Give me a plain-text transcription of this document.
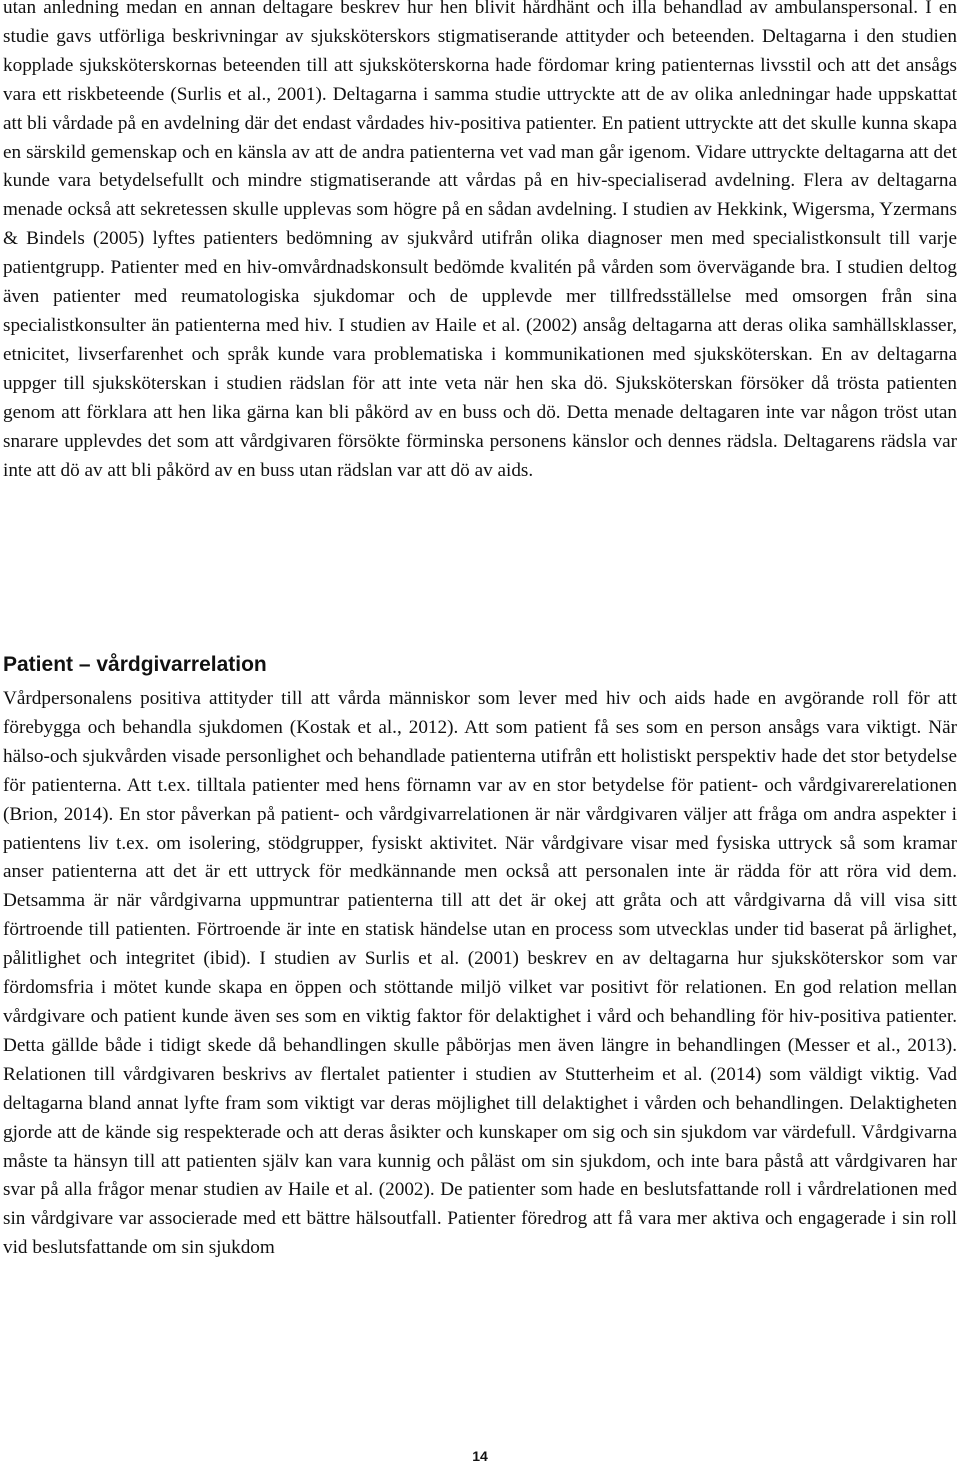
utan anledning medan en annan deltagare beskrev hur hen blivit hårdhänt och illa behandlad av ambulanspersonal. I en studie gavs utförliga beskrivningar av sjuksköterskors stigmatiserande attityder och beteenden. Deltagarna i den studien kopplade sjuksköterskornas beteenden till att sjuksköterskorna hade fördomar kring patienternas livsstil och att det ansågs vara ett riskbeteende (Surlis et al., 2001). Deltagarna i samma studie uttryckte att de av olika anledningar hade uppskattat att bli vårdade på en avdelning där det endast vårdades hiv-positiva patienter. En patient uttryckte att det skulle kunna skapa en särskild gemenskap och en känsla av att de andra patienterna vet vad man går igenom. Vidare uttryckte deltagarna att det kunde vara betydelsefullt och mindre stigmatiserande att vårdas på en hiv-specialiserad avdelning. Flera av deltagarna menade också att sekretessen skulle upplevas som högre på en sådan avdelning. I studien av Hekkink, Wigersma, Yzermans & Bindels (2005) lyftes patienters bedömning av sjukvård utifrån olika diagnoser men med specialistkonsult till varje patientgrupp. Patienter med en hiv-omvårdnadskonsult bedömde kvalitén på vården som övervägande bra. I studien deltog även patienter med reumatologiska sjukdomar och de upplevde mer tillfredsställelse med omsorgen från sina specialistkonsulter än patienterna med hiv. I studien av Haile et al. (2002) ansåg deltagarna att deras olika samhällsklasser, etnicitet, livserfarenhet och språk kunde vara problematiska i kommunikationen med sjuksköterskan. En av deltagarna uppger till sjuksköterskan i studien rädslan för att inte veta när hen ska dö. Sjuksköterskan försöker då trösta patienten genom att förklara att hen lika gärna kan bli påkörd av en buss och dö. Detta menade deltagaren inte var någon tröst utan snarare upplevdes det som att vårdgivaren försökte förminska personens känslor och dennes rädsla. Deltagarens rädsla var inte att dö av att bli påkörd av en buss utan rädslan var att dö av aids.

Patient – vårdgivarrelation

Vårdpersonalens positiva attityder till att vårda människor som lever med hiv och aids hade en avgörande roll för att förebygga och behandla sjukdomen (Kostak et al., 2012). Att som patient få ses som en person ansågs vara viktigt. När hälso-och sjukvården visade personlighet och behandlade patienterna utifrån ett holistiskt perspektiv hade det stor betydelse för patienterna. Att t.ex. tilltala patienter med hens förnamn var av en stor betydelse för patient- och vårdgivarerelationen (Brion, 2014). En stor påverkan på patient- och vårdgivarrelationen är när vårdgivaren väljer att fråga om andra aspekter i patientens liv t.ex. om isolering, stödgrupper, fysiskt aktivitet. När vårdgivare visar med fysiska uttryck så som kramar anser patienterna att det är ett uttryck för medkännande men också att personalen inte är rädda för att röra vid dem. Detsamma är när vårdgivarna uppmuntrar patienterna till att det är okej att gråta och att vårdgivarna då vill visa sitt förtroende till patienten. Förtroende är inte en statisk händelse utan en process som utvecklas under tid baserat på ärlighet, pålitlighet och integritet (ibid). I studien av Surlis et al. (2001) beskrev en av deltagarna hur sjuksköterskor som var fördomsfria i mötet kunde skapa en öppen och stöttande miljö vilket var positivt för relationen. En god relation mellan vårdgivare och patient kunde även ses som en viktig faktor för delaktighet i vård och behandling för hiv-positiva patienter. Detta gällde både i tidigt skede då behandlingen skulle påbörjas men även längre in behandlingen (Messer et al., 2013). Relationen till vårdgivaren beskrivs av flertalet patienter i studien av Stutterheim et al. (2014) som väldigt viktig. Vad deltagarna bland annat lyfte fram som viktigt var deras möjlighet till delaktighet i vården och behandlingen. Delaktigheten gjorde att de kände sig respekterade och att deras åsikter och kunskaper om sig och sin sjukdom var värdefull. Vårdgivarna måste ta hänsyn till att patienten själv kan vara kunnig och påläst om sin sjukdom, och inte bara påstå att vårdgivaren har svar på alla frågor menar studien av Haile et al. (2002). De patienter som hade en beslutsfattande roll i vårdrelationen med sin vårdgivare var associerade med ett bättre hälsoutfall. Patienter föredrog att få vara mer aktiva och engagerade i sin roll vid beslutsfattande om sin sjukdom

14
